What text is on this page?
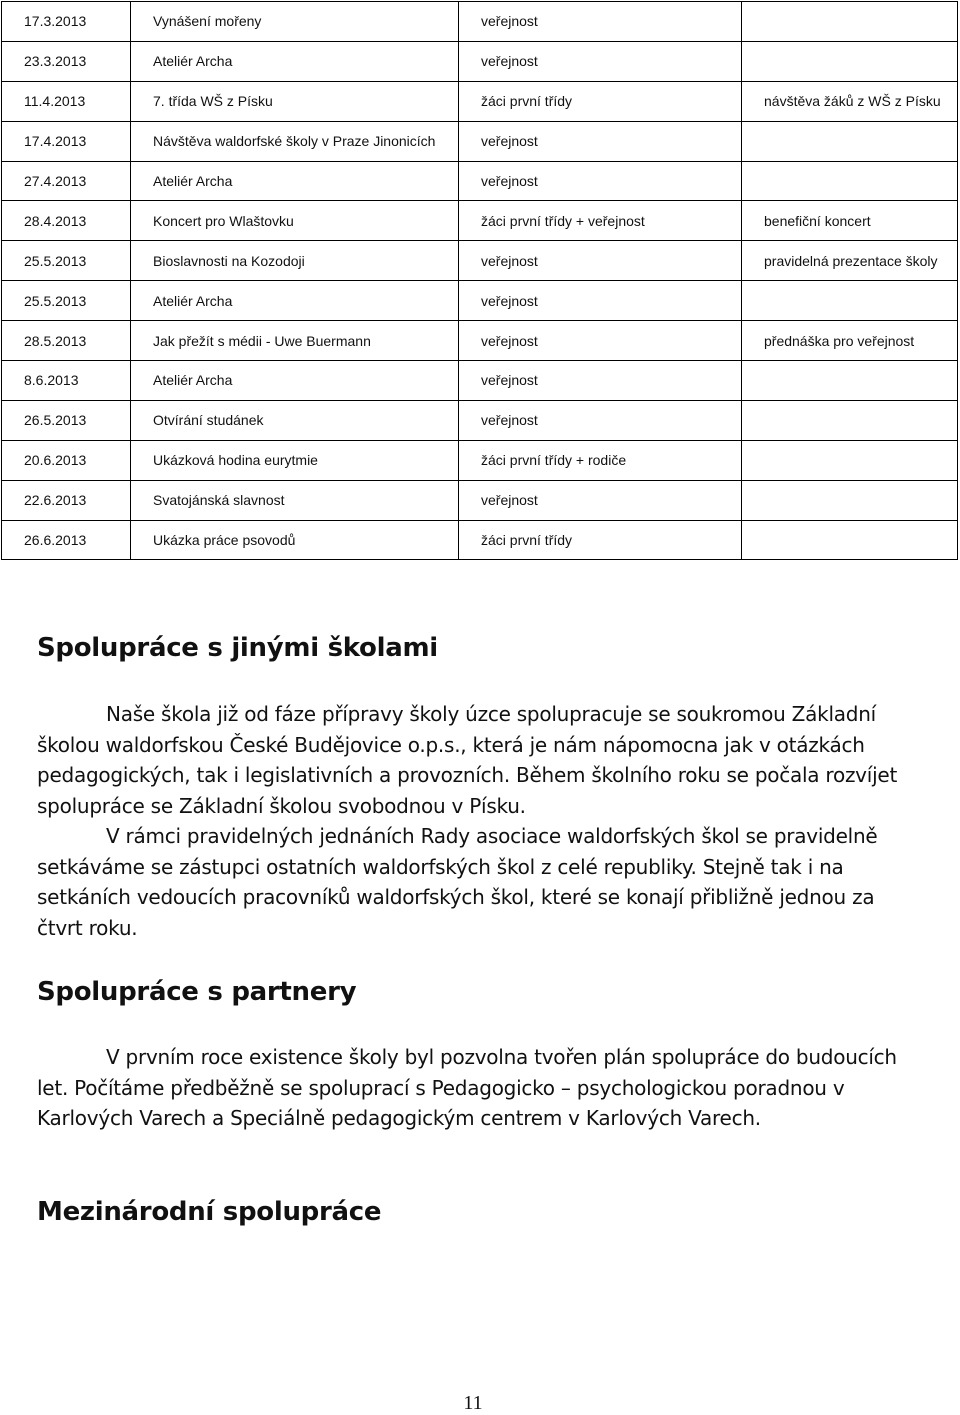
17.3.2013	Vynášení mořeny	veřejnost	
23.3.2013	Ateliér Archa	veřejnost	
11.4.2013	7. třída WŠ z Písku	žáci první třídy	návštěva žáků z WŠ z Písku
17.4.2013	Návštěva waldorfské školy v Praze Jinonicích	veřejnost	
27.4.2013	Ateliér Archa	veřejnost	
28.4.2013	Koncert pro Wlaštovku	žáci první třídy + veřejnost	benefiční koncert
25.5.2013	Bioslavnosti na Kozodoji	veřejnost	pravidelná prezentace školy
25.5.2013	Ateliér Archa	veřejnost	
28.5.2013	Jak přežít s médii - Uwe Buermann	veřejnost	přednáška pro veřejnost
8.6.2013	Ateliér Archa	veřejnost	
26.5.2013	Otvírání studánek	veřejnost	
20.6.2013	Ukázková hodina eurytmie	žáci první třídy + rodiče	
22.6.2013	Svatojánská slavnost	veřejnost	
26.6.2013	Ukázka práce psovodů	žáci první třídy	
Spolupráce s jinými školami

Naše škola již od fáze přípravy školy úzce spolupracuje se soukromou Základní školou waldorfskou České Budějovice o.p.s., která je nám nápomocna jak v otázkách pedagogických, tak i legislativních a provozních. Během školního roku se počala rozvíjet spolupráce se Základní školou svobodnou v Písku.

V rámci pravidelných jednáních Rady asociace waldorfských škol se pravidelně setkáváme se zástupci ostatních waldorfských škol z celé republiky. Stejně tak i na setkáních vedoucích pracovníků waldorfských škol, které se konají přibližně jednou za čtvrt roku.

Spolupráce s partnery

V prvním roce existence školy byl pozvolna tvořen plán spolupráce do budoucích let. Počítáme předběžně se spoluprací s Pedagogicko – psychologickou poradnou v Karlových Varech a Speciálně pedagogickým centrem v Karlových Varech.

Mezinárodní spolupráce
11
